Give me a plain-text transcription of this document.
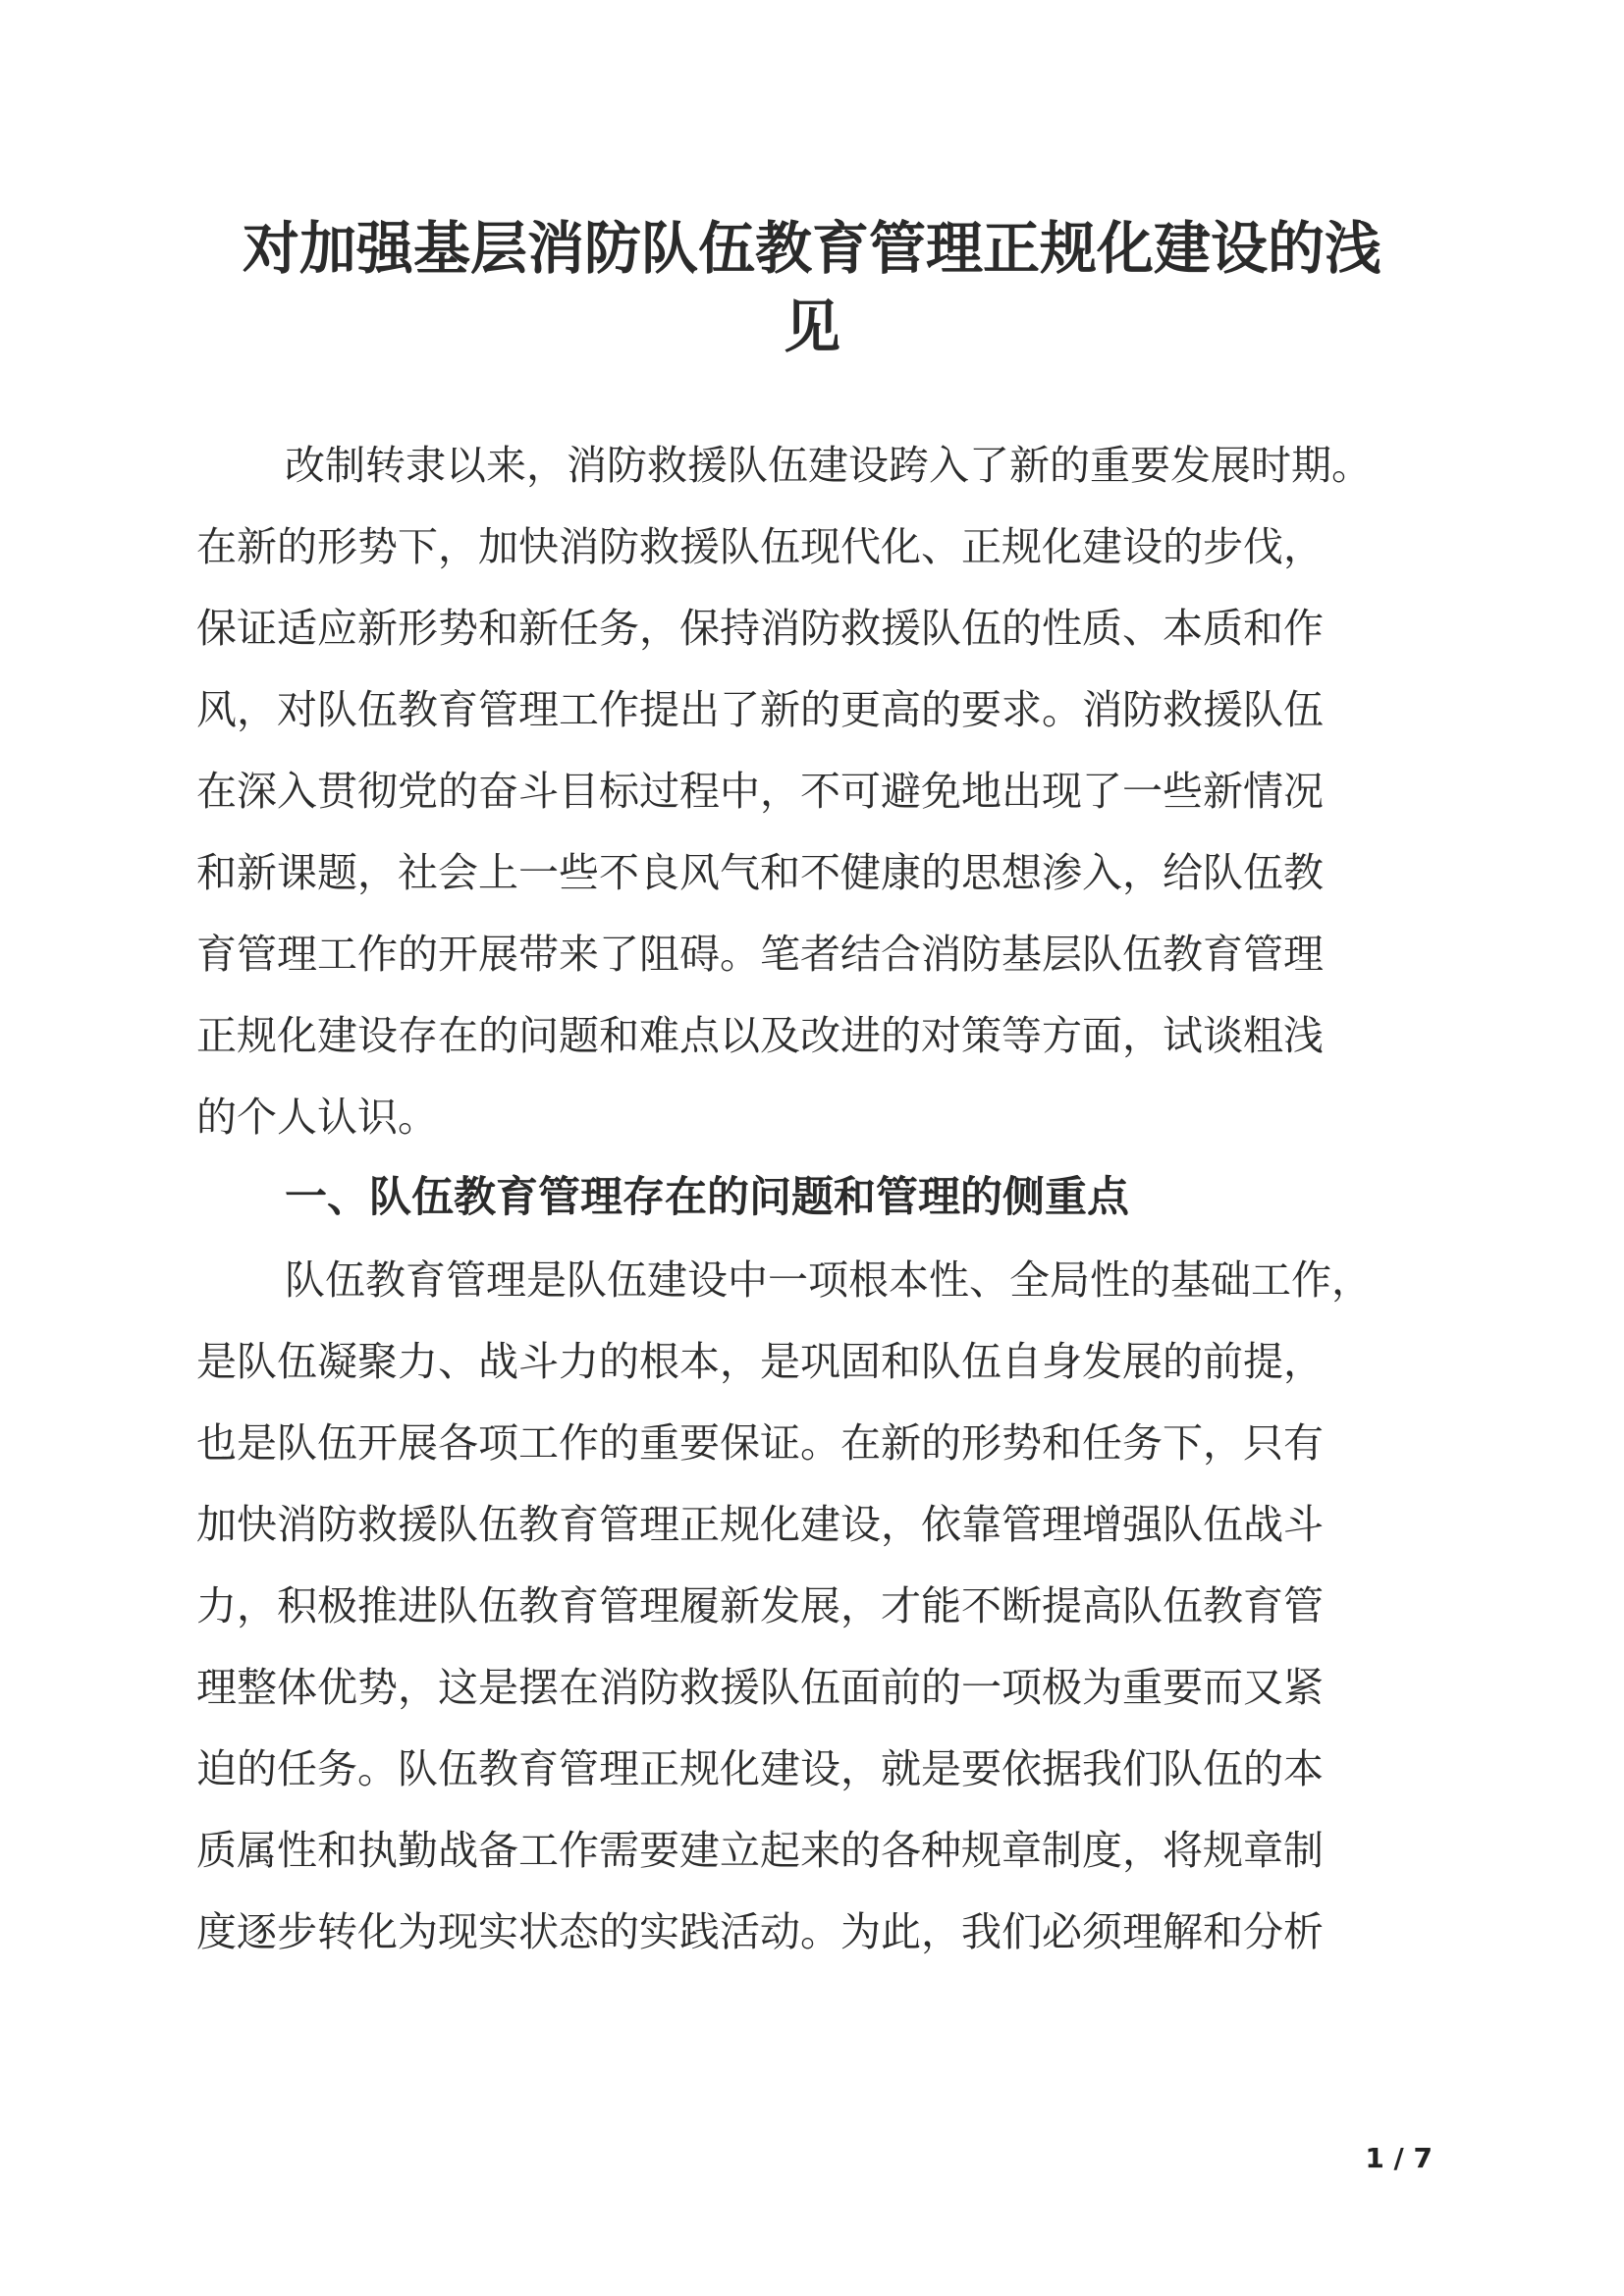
对加强基层消防队伍教育管理正规化建设的浅
见

改制转隶以来，消防救援队伍建设跨入了新的重要发展时期。

在新的形势下，加快消防救援队伍现代化、正规化建设的步伐，

保证适应新形势和新任务，保持消防救援队伍的性质、本质和作

风，对队伍教育管理工作提出了新的更高的要求。消防救援队伍

在深入贯彻党的奋斗目标过程中，不可避免地出现了一些新情况

和新课题，社会上一些不良风气和不健康的思想渗入，给队伍教

育管理工作的开展带来了阻碍。笔者结合消防基层队伍教育管理

正规化建设存在的问题和难点以及改进的对策等方面，试谈粗浅

的个人认识。

一、队伍教育管理存在的问题和管理的侧重点

队伍教育管理是队伍建设中一项根本性、全局性的基础工作，

是队伍凝聚力、战斗力的根本，是巩固和队伍自身发展的前提，

也是队伍开展各项工作的重要保证。在新的形势和任务下，只有

加快消防救援队伍教育管理正规化建设，依靠管理增强队伍战斗

力，积极推进队伍教育管理履新发展，才能不断提高队伍教育管

理整体优势，这是摆在消防救援队伍面前的一项极为重要而又紧

迫的任务。队伍教育管理正规化建设，就是要依据我们队伍的本

质属性和执勤战备工作需要建立起来的各种规章制度，将规章制

度逐步转化为现实状态的实践活动。为此，我们必须理解和分析

1 / 7
